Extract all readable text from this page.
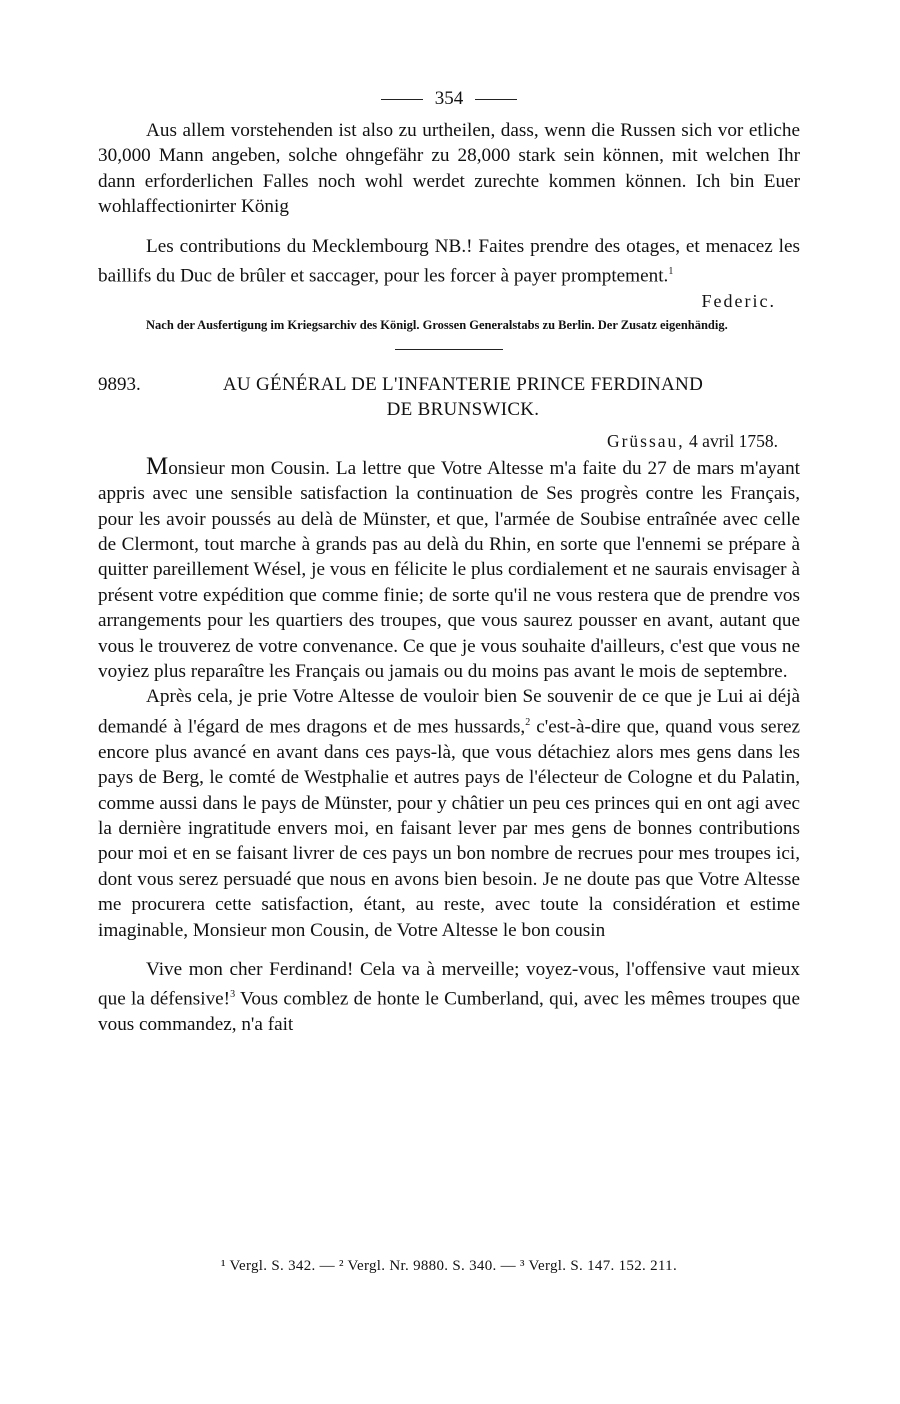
354

Aus allem vorstehenden ist also zu urtheilen, dass, wenn die Russen sich vor etliche 30,000 Mann angeben, solche ohngefähr zu 28,000 stark sein können, mit welchen Ihr dann erforderlichen Falles noch wohl werdet zurechte kommen können. Ich bin Euer wohlaffectionirter König

Les contributions du Mecklembourg NB.! Faites prendre des otages, et menacez les baillifs du Duc de brûler et saccager, pour les forcer à payer promptement.$^1$

Federic.
Nach der Ausfertigung im Kriegsarchiv des Königl. Grossen Generalstabs zu Berlin. Der Zusatz eigenhändig.
9893.	AU GÉNÉRAL DE L'INFANTERIE PRINCE FERDINAND
DE BRUNSWICK.
Grüssau, 4 avril 1758.

Monsieur mon Cousin. La lettre que Votre Altesse m'a faite du 27 de mars m'ayant appris avec une sensible satisfaction la continuation de Ses progrès contre les Français, pour les avoir poussés au delà de Münster, et que, l'armée de Soubise entraînée avec celle de Clermont, tout marche à grands pas au delà du Rhin, en sorte que l'ennemi se prépare à quitter pareillement Wésel, je vous en félicite le plus cordialement et ne saurais envisager à présent votre expédition que comme finie; de sorte qu'il ne vous restera que de prendre vos arrangements pour les quartiers des troupes, que vous saurez pousser en avant, autant que vous le trouverez de votre convenance. Ce que je vous souhaite d'ailleurs, c'est que vous ne voyiez plus reparaître les Français ou jamais ou du moins pas avant le mois de septembre.

Après cela, je prie Votre Altesse de vouloir bien Se souvenir de ce que je Lui ai déjà demandé à l'égard de mes dragons et de mes hussards,$^2$ c'est-à-dire que, quand vous serez encore plus avancé en avant dans ces pays-là, que vous détachiez alors mes gens dans les pays de Berg, le comté de Westphalie et autres pays de l'électeur de Cologne et du Palatin, comme aussi dans le pays de Münster, pour y châtier un peu ces princes qui en ont agi avec la dernière ingratitude envers moi, en faisant lever par mes gens de bonnes contributions pour moi et en se faisant livrer de ces pays un bon nombre de recrues pour mes troupes ici, dont vous serez persuadé que nous en avons bien besoin. Je ne doute pas que Votre Altesse me procurera cette satisfaction, étant, au reste, avec toute la considération et estime imaginable, Monsieur mon Cousin, de Votre Altesse le bon cousin

Vive mon cher Ferdinand! Cela va à merveille; voyez-vous, l'offensive vaut mieux que la défensive!$^3$ Vous comblez de honte le Cumberland, qui, avec les mêmes troupes que vous commandez, n'a fait

¹ Vergl. S. 342. — ² Vergl. Nr. 9880. S. 340. — ³ Vergl. S. 147. 152. 211.
